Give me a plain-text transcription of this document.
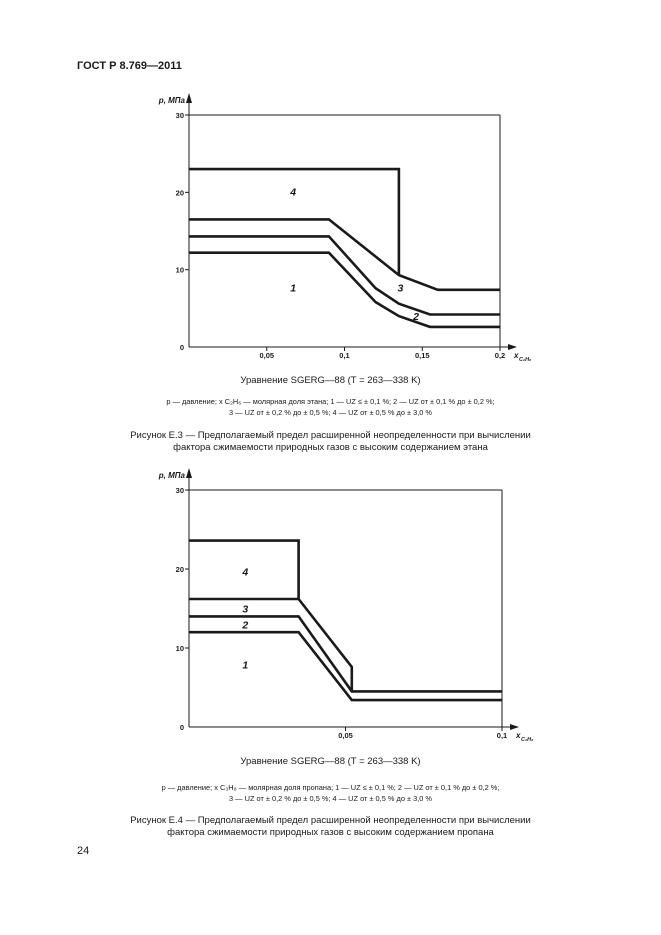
ГОСТ Р 8.769—2011
p, МПа
0
10
20
30
0,05	0,1	0,15	0,2 x C₂H₆
1
2
3
4
Уравнение SGERG—88 (T = 263—338 K)
p — давление; x C₂H₆ — молярная доля этана; 1 — UZ ≤ ± 0,1 %; 2 — UZ от ± 0,1 % до ± 0,2 %;
3 — UZ от ± 0,2 % до ± 0,5 %; 4 — UZ от ± 0,5 % до ± 3,0 %
Рисунок Е.3 — Предполагаемый предел расширенной неопределенности при вычислении
фактора сжимаемости природных газов с высоким содержанием этана
p, МПа
0
10
20
30
0,05	0,1 x C₃H₈
1
2
3
4
Уравнение SGERG—88 (T = 263—338 K)
p — давление; x C₃H₈ — молярная доля пропана; 1 — UZ ≤ ± 0,1 %; 2 — UZ от ± 0,1 % до ± 0,2 %;
3 — UZ от ± 0,2 % до ± 0,5 %; 4 — UZ от ± 0,5 % до ± 3,0 %
Рисунок Е.4 — Предполагаемый предел расширенной неопределенности при вычислении
фактора сжимаемости природных газов с высоким содержанием пропана
24
